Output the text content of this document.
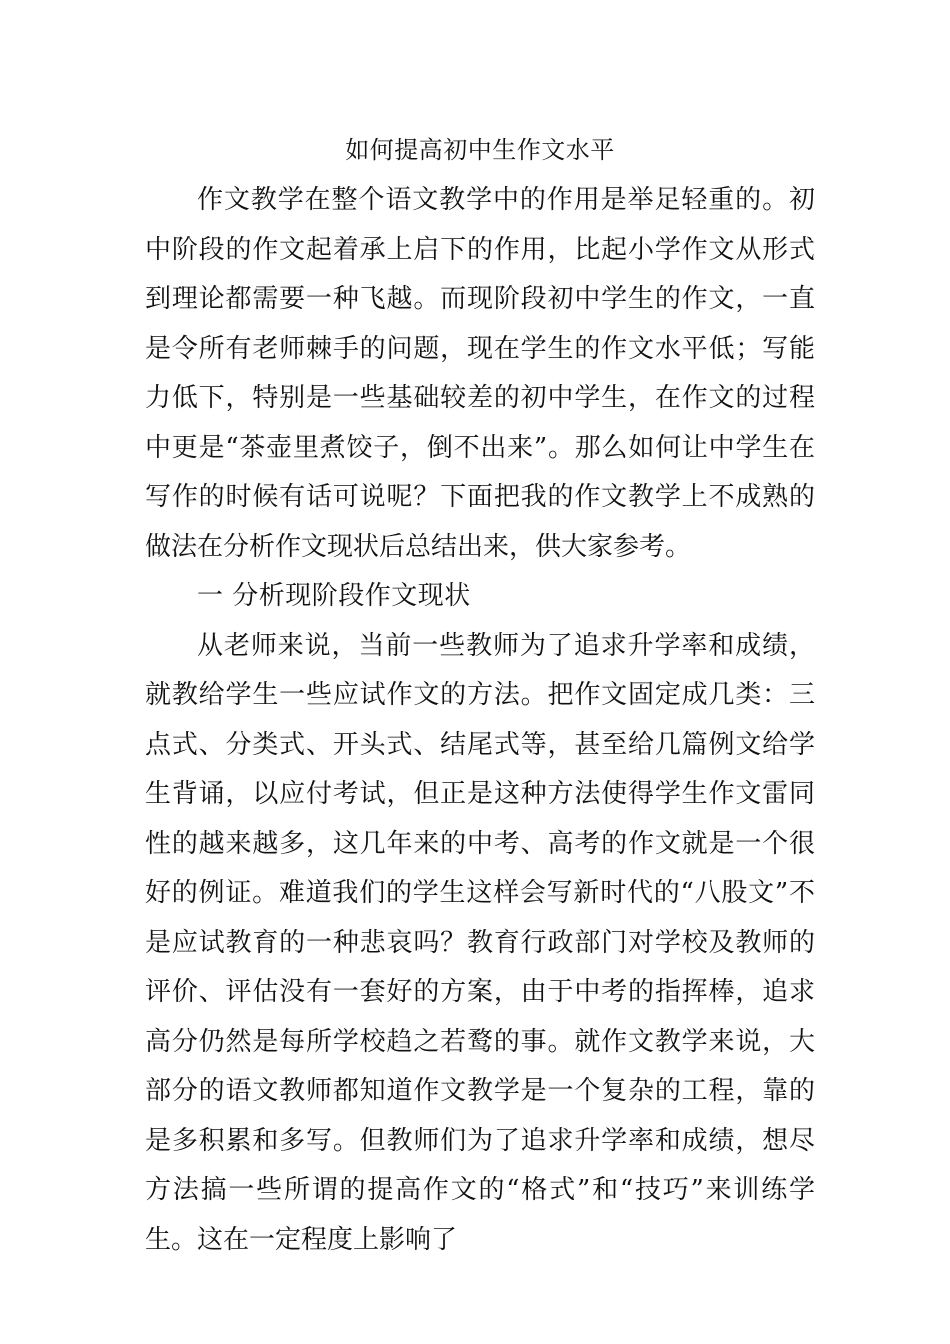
如何提高初中生作文水平

作文教学在整个语文教学中的作用是举足轻重的。初中阶段的作文起着承上启下的作用，比起小学作文从形式到理论都需要一种飞越。而现阶段初中学生的作文，一直是令所有老师棘手的问题，现在学生的作文水平低；写能力低下，特别是一些基础较差的初中学生，在作文的过程中更是“茶壶里煮饺子，倒不出来”。那么如何让中学生在写作的时候有话可说呢？下面把我的作文教学上不成熟的做法在分析作文现状后总结出来，供大家参考。

一 分析现阶段作文现状

从老师来说，当前一些教师为了追求升学率和成绩，就教给学生一些应试作文的方法。把作文固定成几类：三点式、分类式、开头式、结尾式等，甚至给几篇例文给学生背诵，以应付考试，但正是这种方法使得学生作文雷同性的越来越多，这几年来的中考、高考的作文就是一个很好的例证。难道我们的学生这样会写新时代的“八股文”不是应试教育的一种悲哀吗？教育行政部门对学校及教师的评价、评估没有一套好的方案，由于中考的指挥棒，追求高分仍然是每所学校趋之若鹜的事。就作文教学来说，大部分的语文教师都知道作文教学是一个复杂的工程，靠的是多积累和多写。但教师们为了追求升学率和成绩，想尽方法搞一些所谓的提高作文的“格式”和“技巧”来训练学生。这在一定程度上影响了
